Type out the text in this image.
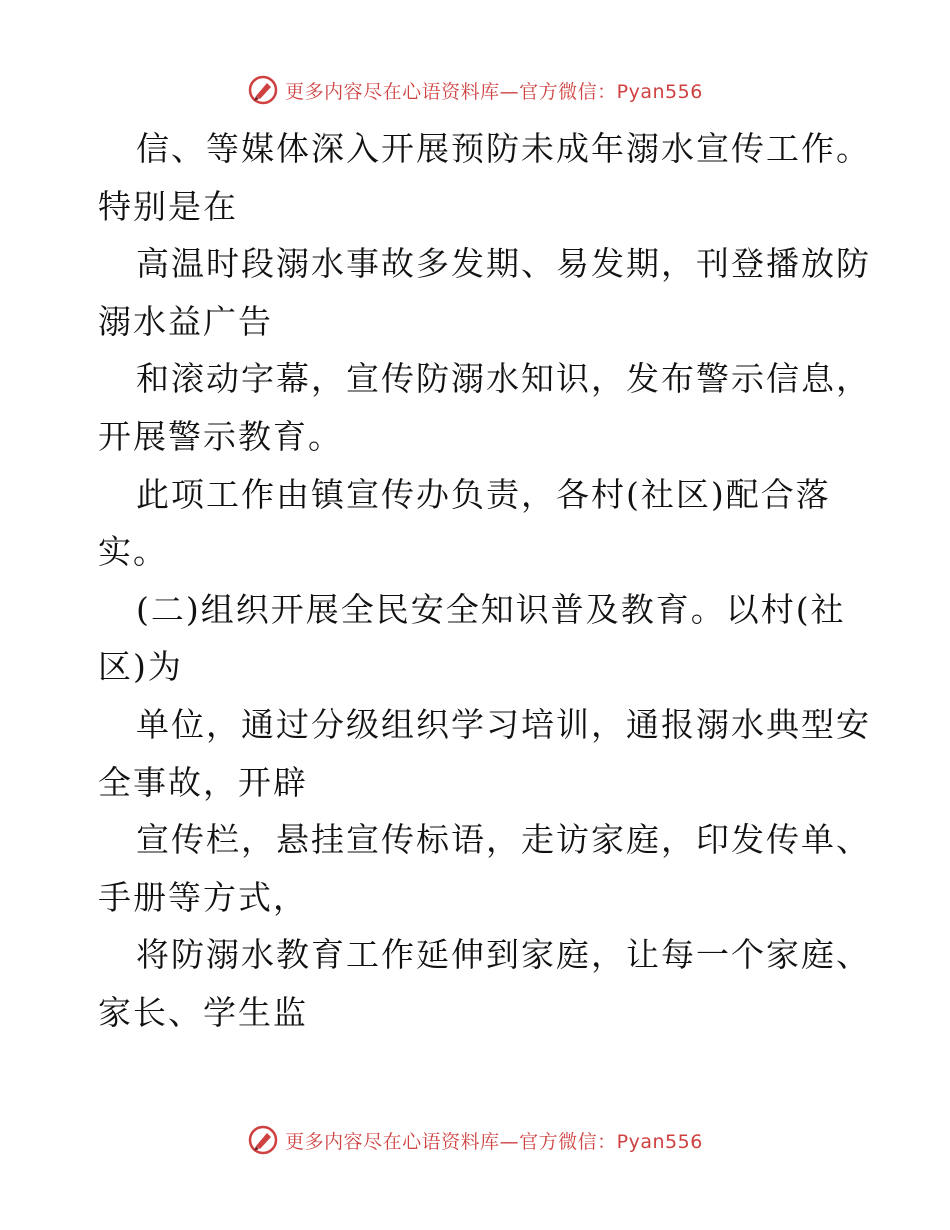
更多内容尽在心语资料库—官方微信：Pyan556
信、等媒体深入开展预防未成年溺水宣传工作。
特别是在
高温时段溺水事故多发期、易发期，刊登播放防
溺水益广告
和滚动字幕，宣传防溺水知识，发布警示信息，
开展警示教育。
此项工作由镇宣传办负责，各村(社区)配合落
实。
(二)组织开展全民安全知识普及教育。以村(社
区)为
单位，通过分级组织学习培训，通报溺水典型安
全事故，开辟
宣传栏，悬挂宣传标语，走访家庭，印发传单、
手册等方式，
将防溺水教育工作延伸到家庭，让每一个家庭、
家长、学生监
更多内容尽在心语资料库—官方微信：Pyan556
